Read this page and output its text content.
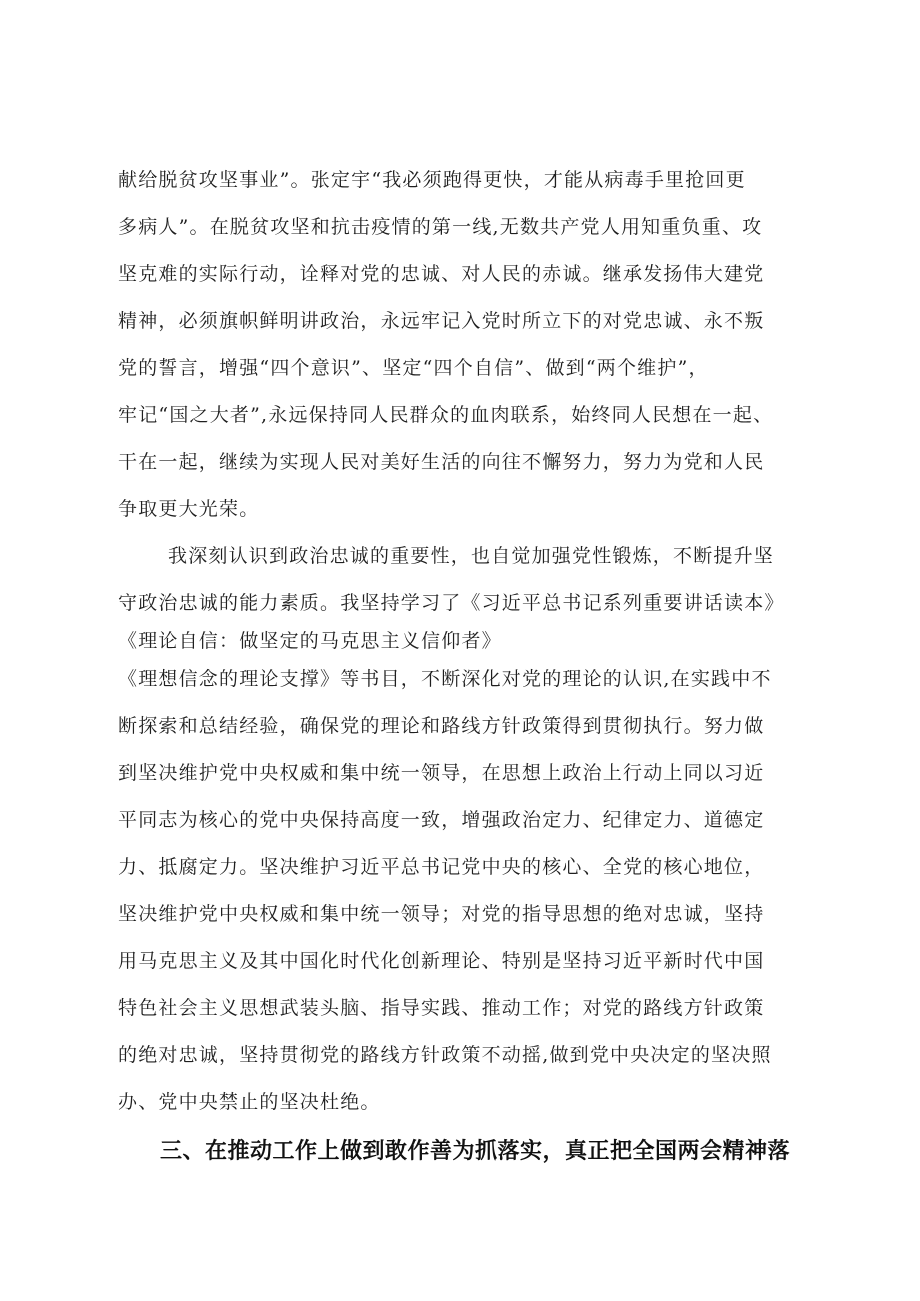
献给脱贫攻坚事业”。张定宇“我必须跑得更快，才能从病毒手里抢回更
多病人”。在脱贫攻坚和抗击疫情的第一线,无数共产党人用知重负重、攻
坚克难的实际行动，诠释对党的忠诚、对人民的赤诚。继承发扬伟大建党
精神，必须旗帜鲜明讲政治，永远牢记入党时所立下的对党忠诚、永不叛
党的誓言，增强“四个意识”、坚定“四个自信”、做到“两个维护”，
牢记“国之大者”,永远保持同人民群众的血肉联系，始终同人民想在一起、
干在一起，继续为实现人民对美好生活的向往不懈努力，努力为党和人民
争取更大光荣。
我深刻认识到政治忠诚的重要性，也自觉加强党性锻炼，不断提升坚
守政治忠诚的能力素质。我坚持学习了《习近平总书记系列重要讲话读本》
《理论自信：做坚定的马克思主义信仰者》
《理想信念的理论支撑》等书目，不断深化对党的理论的认识,在实践中不
断探索和总结经验，确保党的理论和路线方针政策得到贯彻执行。努力做
到坚决维护党中央权威和集中统一领导，在思想上政治上行动上同以习近
平同志为核心的党中央保持高度一致，增强政治定力、纪律定力、道德定
力、抵腐定力。坚决维护习近平总书记党中央的核心、全党的核心地位，
坚决维护党中央权威和集中统一领导；对党的指导思想的绝对忠诚，坚持
用马克思主义及其中国化时代化创新理论、特别是坚持习近平新时代中国
特色社会主义思想武装头脑、指导实践、推动工作；对党的路线方针政策
的绝对忠诚，坚持贯彻党的路线方针政策不动摇,做到党中央决定的坚决照
办、党中央禁止的坚决杜绝。
三、在推动工作上做到敢作善为抓落实，真正把全国两会精神落
